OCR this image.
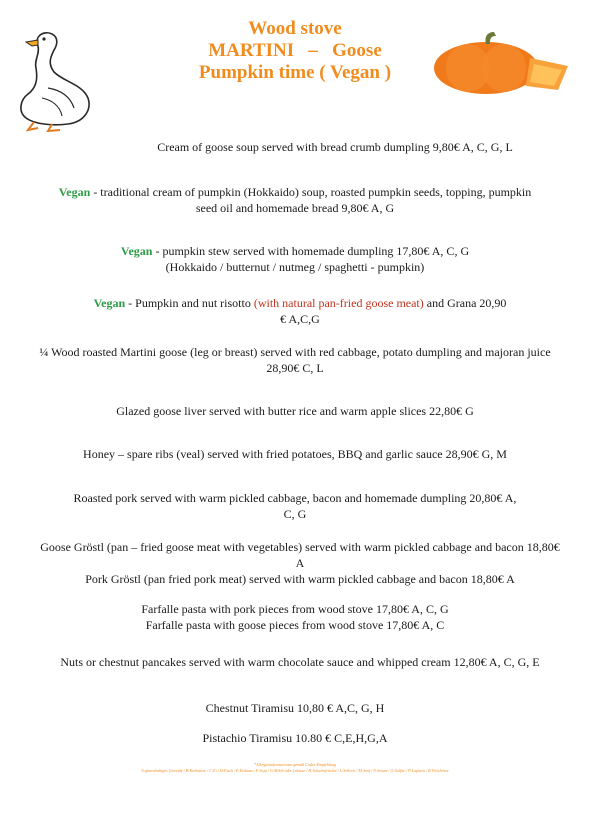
Wood stove
MARTINI   –   Goose
Pumpkin time ( Vegan )
Cream of goose soup served with bread crumb dumpling 9,80€ A, C, G, L
Vegan - traditional cream of pumpkin (Hokkaido) soup, roasted pumpkin seeds, topping, pumpkin seed oil and homemade bread 9,80€ A, G
Vegan - pumpkin stew served with homemade dumpling 17,80€ A, C, G
(Hokkaido / butternut / nutmeg / spaghetti - pumpkin)
Vegan - Pumpkin and nut risotto (with natural pan-fried goose meat) and Grana 20,90 € A,C,G
¼ Wood roasted Martini goose (leg or breast) served with red cabbage, potato dumpling and majoran juice 28,90€ C, L
Glazed goose liver served with butter rice and warm apple slices 22,80€ G
Honey – spare ribs (veal) served with fried potatoes, BBQ and garlic sauce 28,90€ G, M
Roasted pork served with warm pickled cabbage, bacon and homemade dumpling 20,80€ A, C, G
Goose Gröstl (pan – fried goose meat with vegetables) served with warm pickled cabbage and bacon 18,80€ A
Pork Gröstl (pan fried pork meat) served with warm pickled cabbage and bacon 18,80€ A
Farfalle pasta with pork pieces from wood stove 17,80€ A, C, G
Farfalle pasta with goose pieces from wood stove 17,80€ A, C
Nuts or chestnut pancakes served with warm chocolate sauce and whipped cream 12,80€ A, C, G, E
Chestnut Tiramisu 10,80 € A,C, G, H
Pistachio Tiramisu 10.80 € C,E,H,G,A
*Allergeninformationen gemäß Codex-Empfehlung
A:glutenhaltiges Getreide / B:Krebstiere / C:Ei / D:Fisch / E:Erdnuss / F:Soja / G:Milch oder Laktose / H:Schalenfrüchte / L:Sellerie / M:Senf / N:Sesam / O:Sulfite / P:Lupinen / R:Weichtiere
